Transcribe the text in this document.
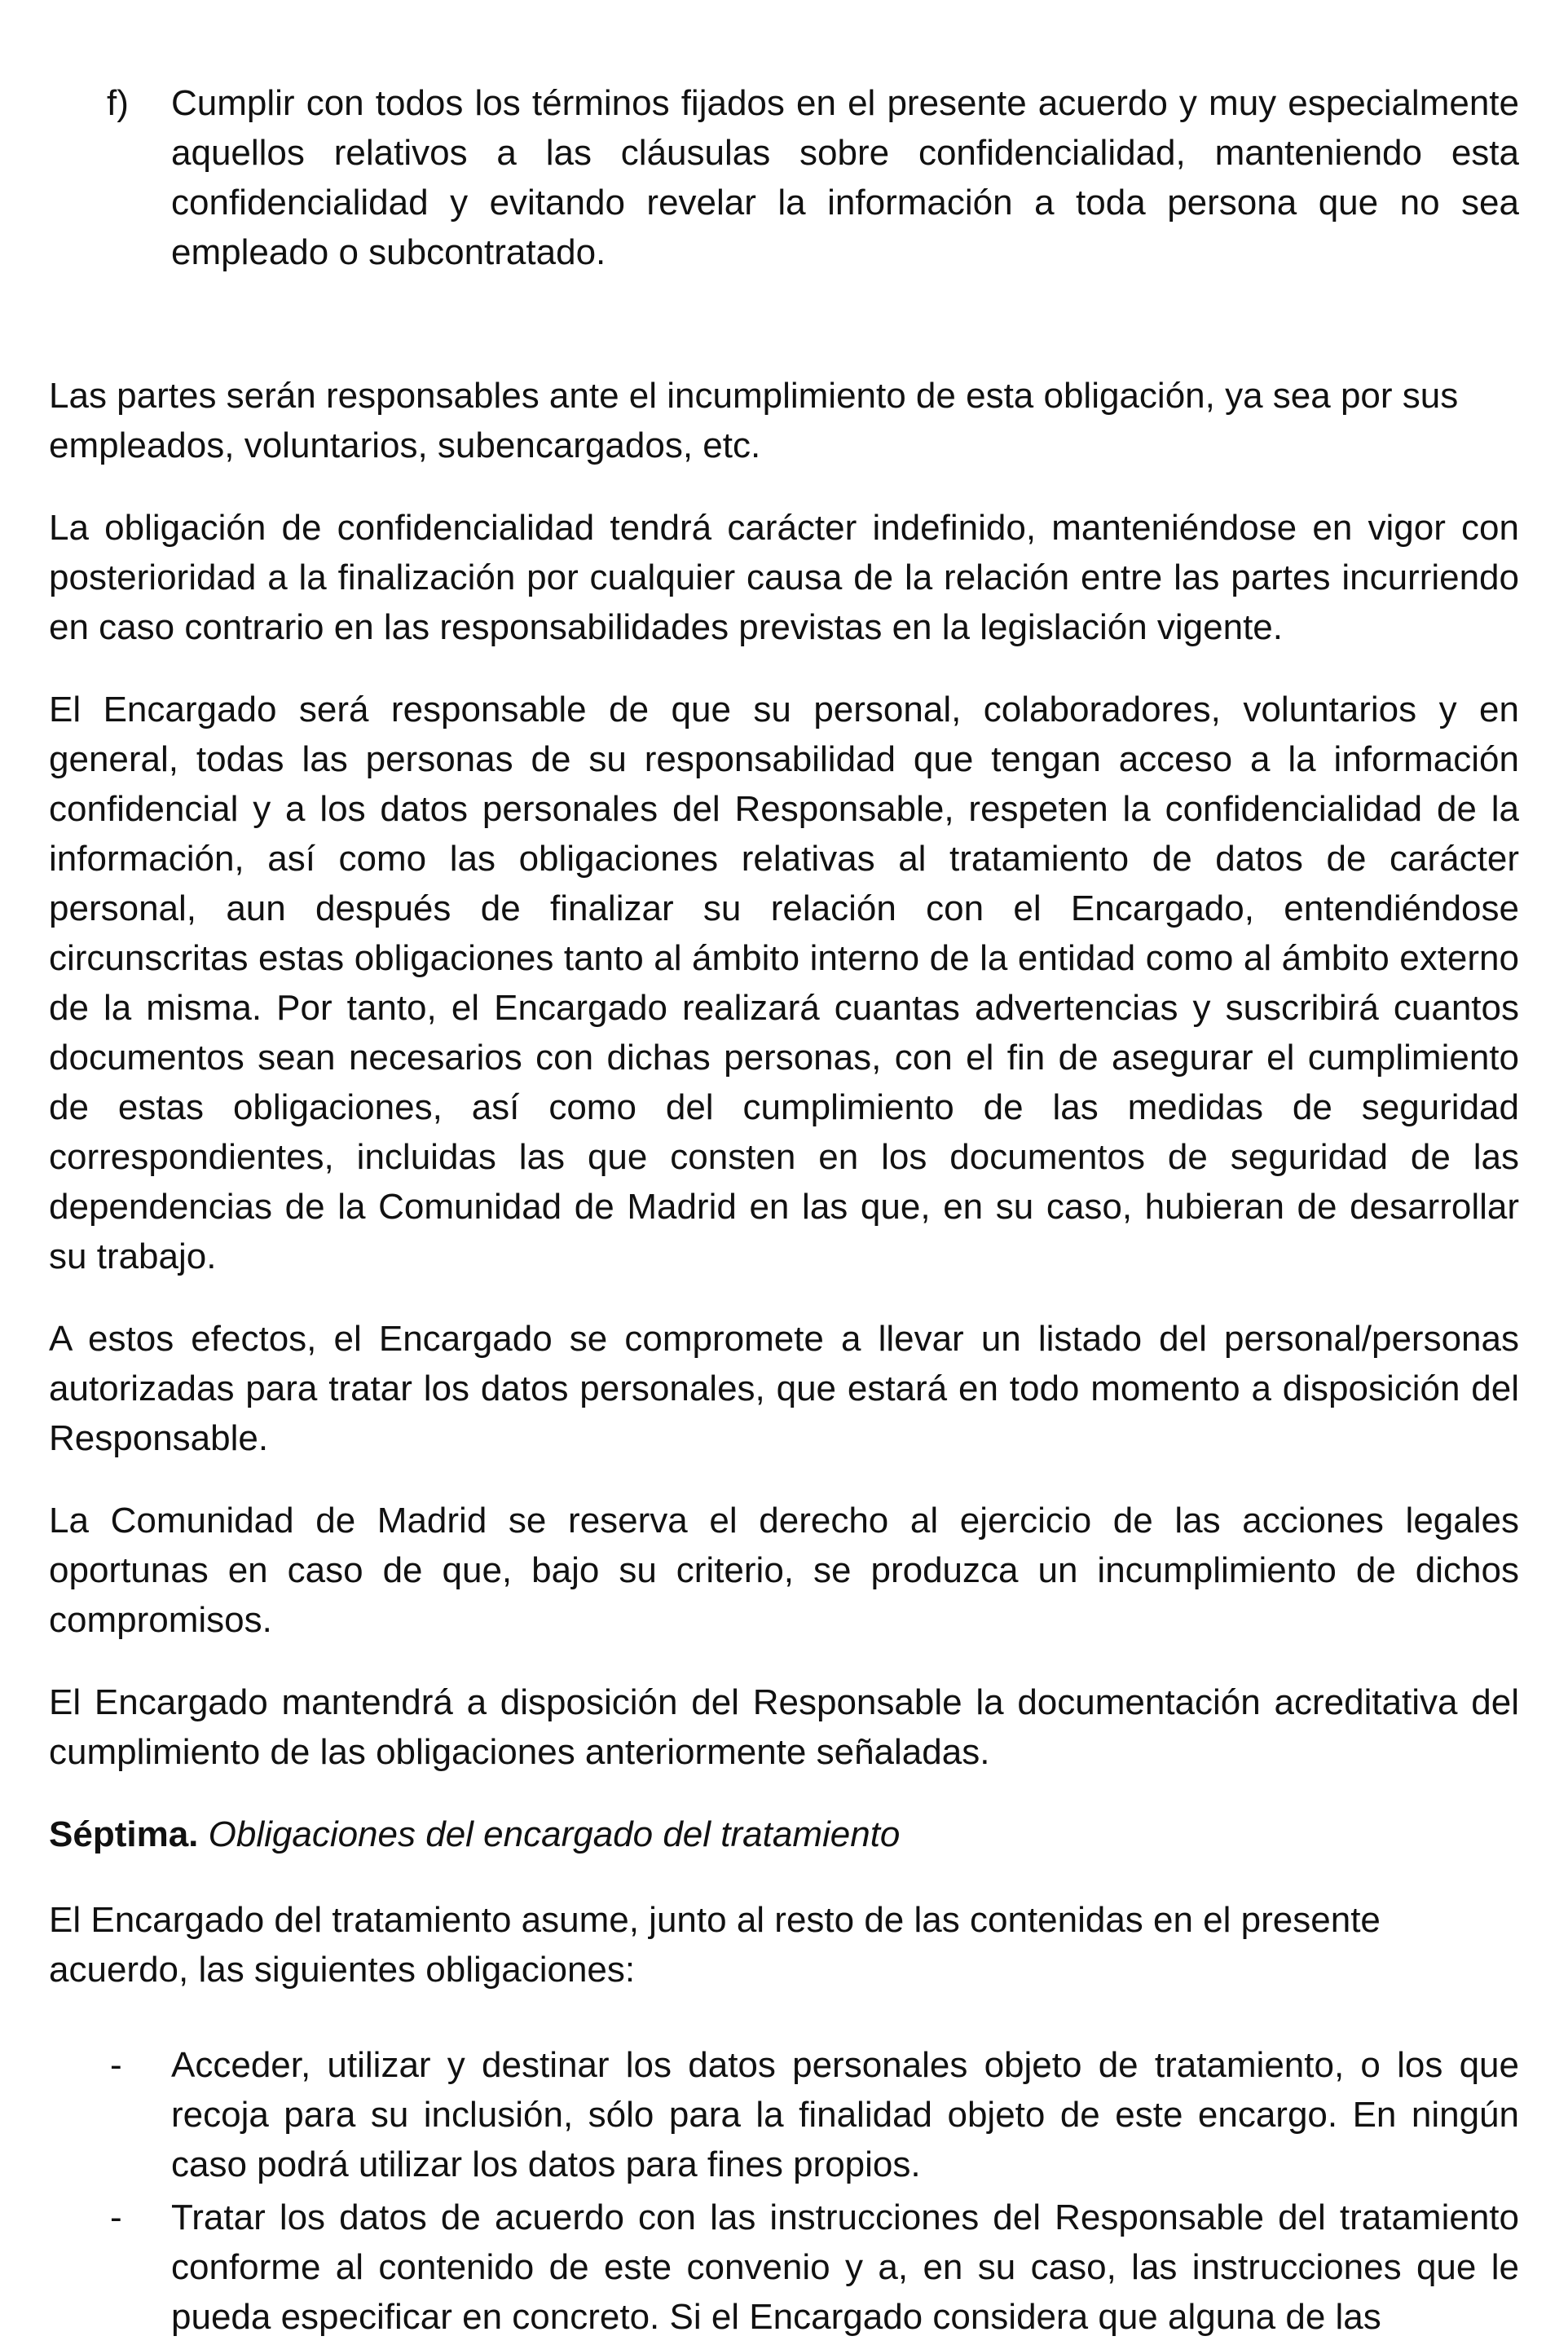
f) Cumplir con todos los términos fijados en el presente acuerdo y muy especialmente aquellos relativos a las cláusulas sobre confidencialidad, manteniendo esta confidencialidad y evitando revelar la información a toda persona que no sea empleado o subcontratado.

Las partes serán responsables ante el incumplimiento de esta obligación, ya sea por sus empleados, voluntarios, subencargados, etc.

La obligación de confidencialidad tendrá carácter indefinido, manteniéndose en vigor con posterioridad a la finalización por cualquier causa de la relación entre las partes incurriendo en caso contrario en las responsabilidades previstas en la legislación vigente.

El Encargado será responsable de que su personal, colaboradores, voluntarios y en general, todas las personas de su responsabilidad que tengan acceso a la información confidencial y a los datos personales del Responsable, respeten la confidencialidad de la información, así como las obligaciones relativas al tratamiento de datos de carácter personal, aun después de finalizar su relación con el Encargado, entendiéndose circunscritas estas obligaciones tanto al ámbito interno de la entidad como al ámbito externo de la misma. Por tanto, el Encargado realizará cuantas advertencias y suscribirá cuantos documentos sean necesarios con dichas personas, con el fin de asegurar el cumplimiento de estas obligaciones, así como del cumplimiento de las medidas de seguridad correspondientes, incluidas las que consten en los documentos de seguridad de las dependencias de la Comunidad de Madrid en las que, en su caso, hubieran de desarrollar su trabajo.

A estos efectos, el Encargado se compromete a llevar un listado del personal/personas autorizadas para tratar los datos personales, que estará en todo momento a disposición del Responsable.

La Comunidad de Madrid se reserva el derecho al ejercicio de las acciones legales oportunas en caso de que, bajo su criterio, se produzca un incumplimiento de dichos compromisos.

El Encargado mantendrá a disposición del Responsable la documentación acreditativa del cumplimiento de las obligaciones anteriormente señaladas.

Séptima. Obligaciones del encargado del tratamiento

El Encargado del tratamiento asume, junto al resto de las contenidas en el presente acuerdo, las siguientes obligaciones:

- Acceder, utilizar y destinar los datos personales objeto de tratamiento, o los que recoja para su inclusión, sólo para la finalidad objeto de este encargo. En ningún caso podrá utilizar los datos para fines propios.
- Tratar los datos de acuerdo con las instrucciones del Responsable del tratamiento conforme al contenido de este convenio y a, en su caso, las instrucciones que le pueda especificar en concreto. Si el Encargado considera que alguna de las
